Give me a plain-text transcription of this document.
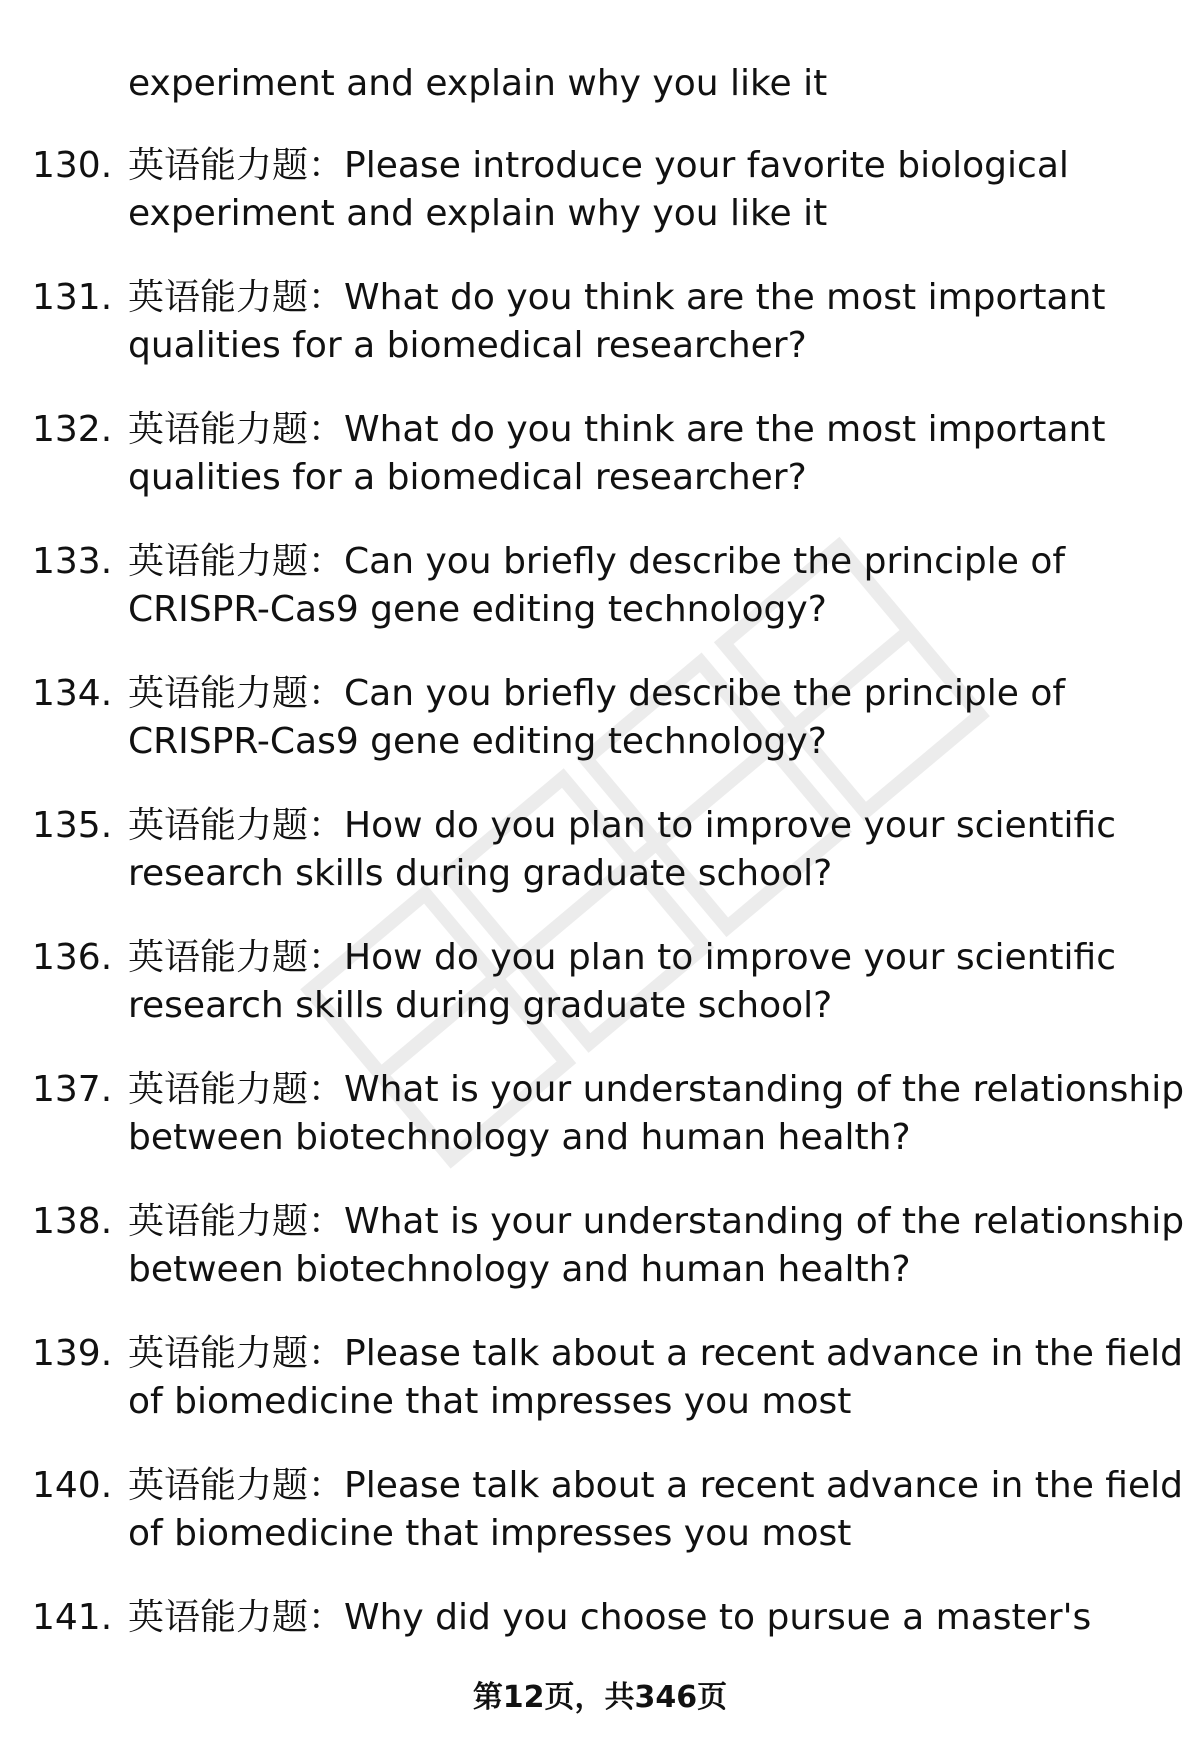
experiment and explain why you like it
130. 英语能力题：Please introduce your favorite biological
experiment and explain why you like it
131. 英语能力题：What do you think are the most important
qualities for a biomedical researcher?
132. 英语能力题：What do you think are the most important
qualities for a biomedical researcher?
133. 英语能力题：Can you briefly describe the principle of
CRISPR-Cas9 gene editing technology?
134. 英语能力题：Can you briefly describe the principle of
CRISPR-Cas9 gene editing technology?
135. 英语能力题：How do you plan to improve your scientific
research skills during graduate school?
136. 英语能力题：How do you plan to improve your scientific
research skills during graduate school?
137. 英语能力题：What is your understanding of the relationship
between biotechnology and human health?
138. 英语能力题：What is your understanding of the relationship
between biotechnology and human health?
139. 英语能力题：Please talk about a recent advance in the field
of biomedicine that impresses you most
140. 英语能力题：Please talk about a recent advance in the field
of biomedicine that impresses you most
141. 英语能力题：Why did you choose to pursue a master's
第12页，共346页
